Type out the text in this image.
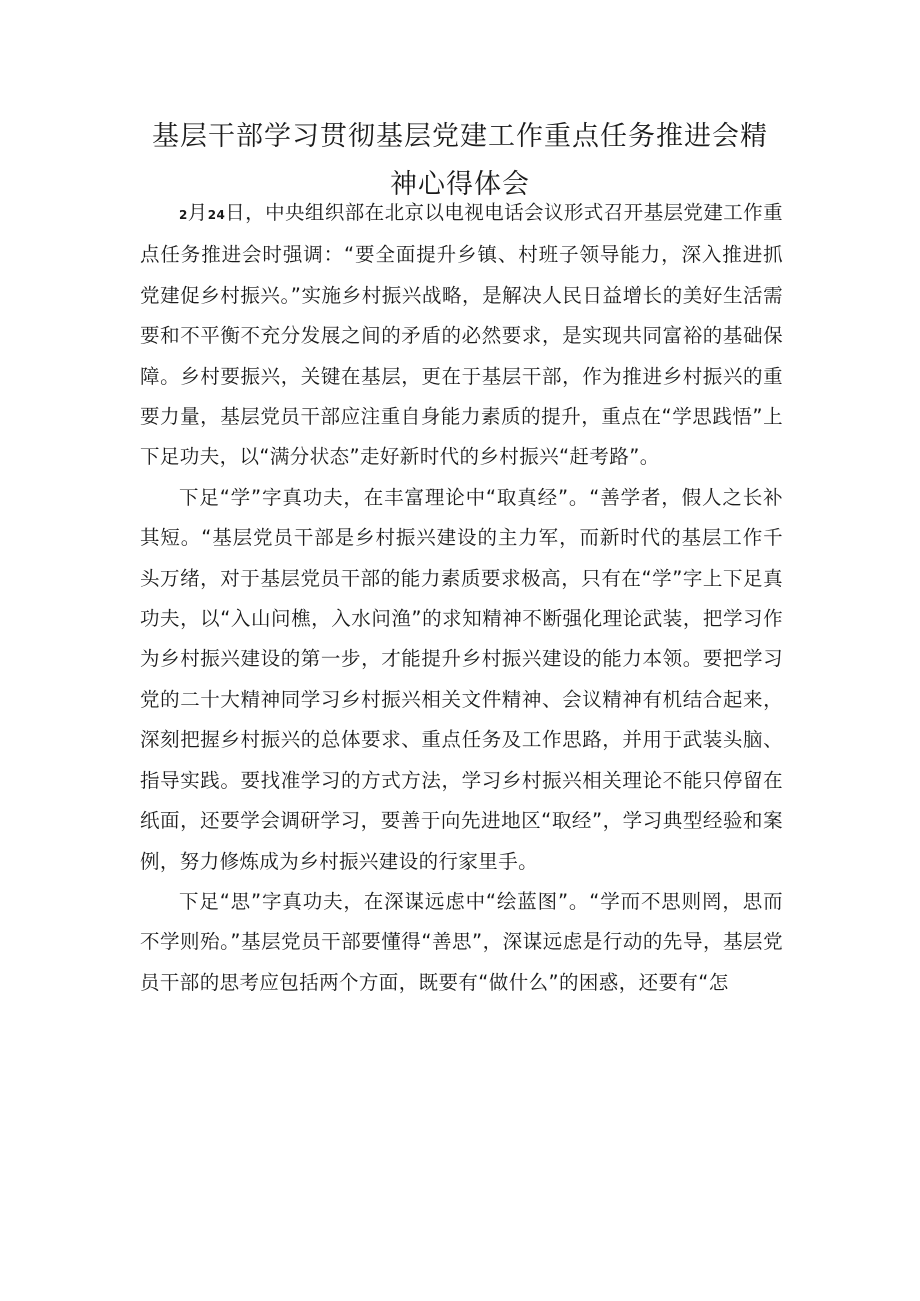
基层干部学习贯彻基层党建工作重点任务推进会精神心得体会

2月24日，中央组织部在北京以电视电话会议形式召开基层党建工作重点任务推进会时强调：“要全面提升乡镇、村班子领导能力，深入推进抓党建促乡村振兴。”实施乡村振兴战略，是解决人民日益增长的美好生活需要和不平衡不充分发展之间的矛盾的必然要求，是实现共同富裕的基础保障。乡村要振兴，关键在基层，更在于基层干部，作为推进乡村振兴的重要力量，基层党员干部应注重自身能力素质的提升，重点在“学思践悟”上下足功夫，以“满分状态”走好新时代的乡村振兴“赶考路”。

下足“学”字真功夫，在丰富理论中“取真经”。“善学者，假人之长补其短。“基层党员干部是乡村振兴建设的主力军，而新时代的基层工作千头万绪，对于基层党员干部的能力素质要求极高，只有在“学”字上下足真功夫，以“入山问樵，入水问渔”的求知精神不断强化理论武装，把学习作为乡村振兴建设的第一步，才能提升乡村振兴建设的能力本领。要把学习党的二十大精神同学习乡村振兴相关文件精神、会议精神有机结合起来，深刻把握乡村振兴的总体要求、重点任务及工作思路，并用于武装头脑、指导实践。要找准学习的方式方法，学习乡村振兴相关理论不能只停留在纸面，还要学会调研学习，要善于向先进地区“取经”，学习典型经验和案例，努力修炼成为乡村振兴建设的行家里手。

下足“思”字真功夫，在深谋远虑中“绘蓝图”。“学而不思则罔，思而不学则殆。”基层党员干部要懂得“善思”，深谋远虑是行动的先导，基层党员干部的思考应包括两个方面，既要有“做什么”的困惑，还要有“怎
